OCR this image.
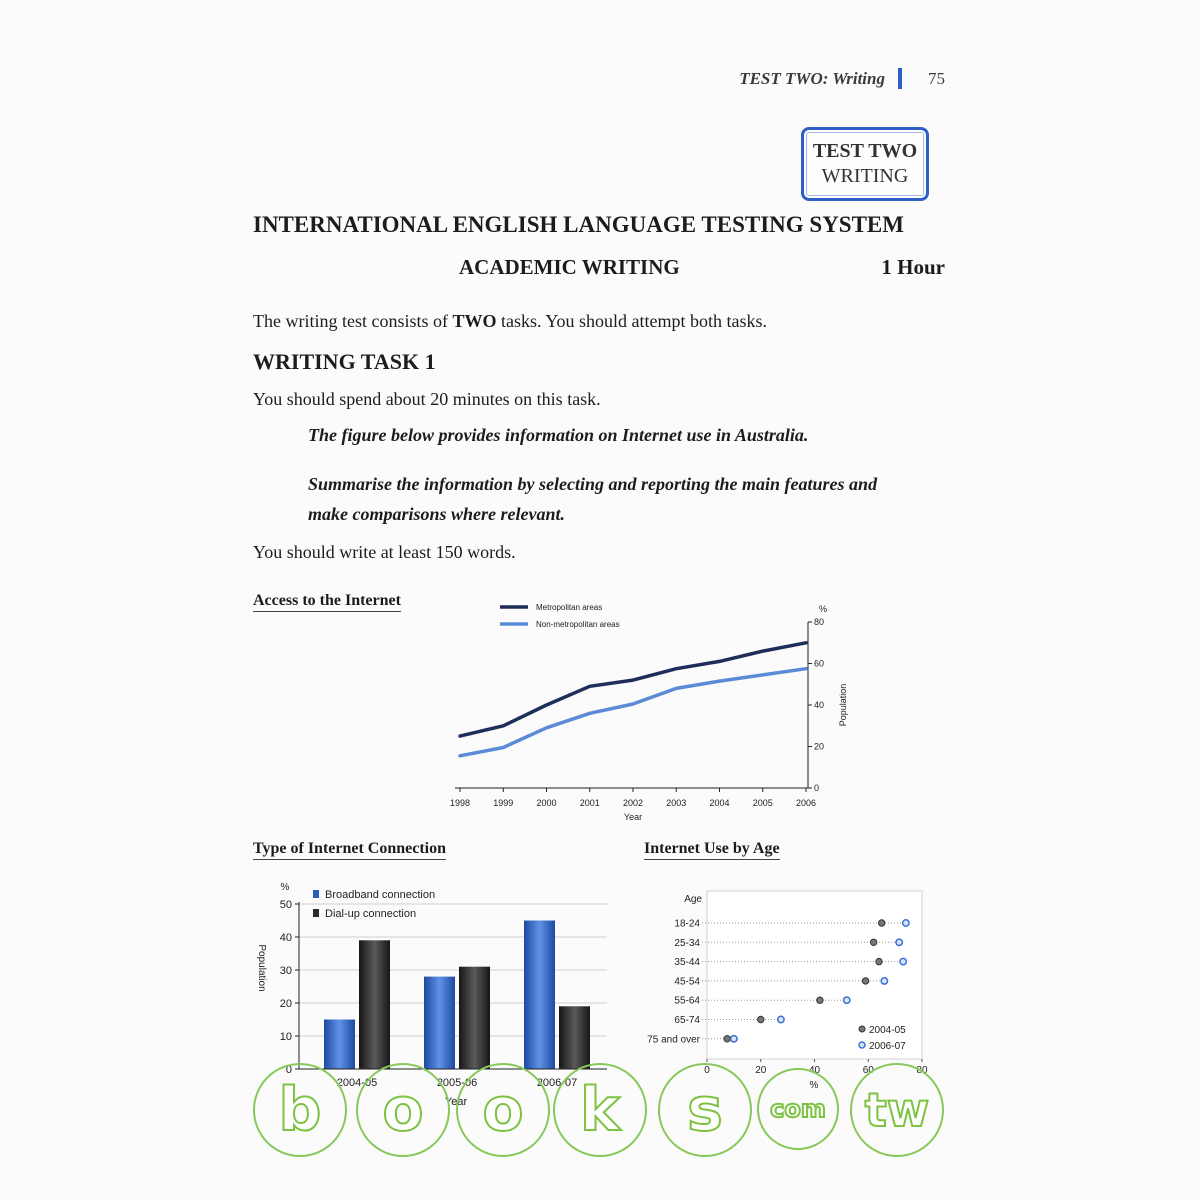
TEST TWO: Writing	75
TEST TWO
WRITING
INTERNATIONAL ENGLISH LANGUAGE TESTING SYSTEM
ACADEMIC WRITING	1 Hour
The writing test consists of TWO tasks. You should attempt both tasks.
WRITING TASK 1
You should spend about 20 minutes on this task.
The figure below provides information on Internet use in Australia.
Summarise the information by selecting and reporting the main features and
make comparisons where relevant.
You should write at least 150 words.
Access to the Internet
Type of Internet Connection	Internet Use by Age
Metropolitan areas
Non-metropolitan areas
%
Population
Year
0
20
40
60
80
1998	1999	2000	2001	2002	2003	2004	2005	2006
Broadband connection
Dial-up connection
%
Population
0
10
20
30
40
50
2004-05	2005-06	2006-07
Year
Age
%
0	20	40	60	80
18-24
25-34
35-44
45-54
55-64
65-74
75 and over
2004-05
2006-07
b o o k s com tw
